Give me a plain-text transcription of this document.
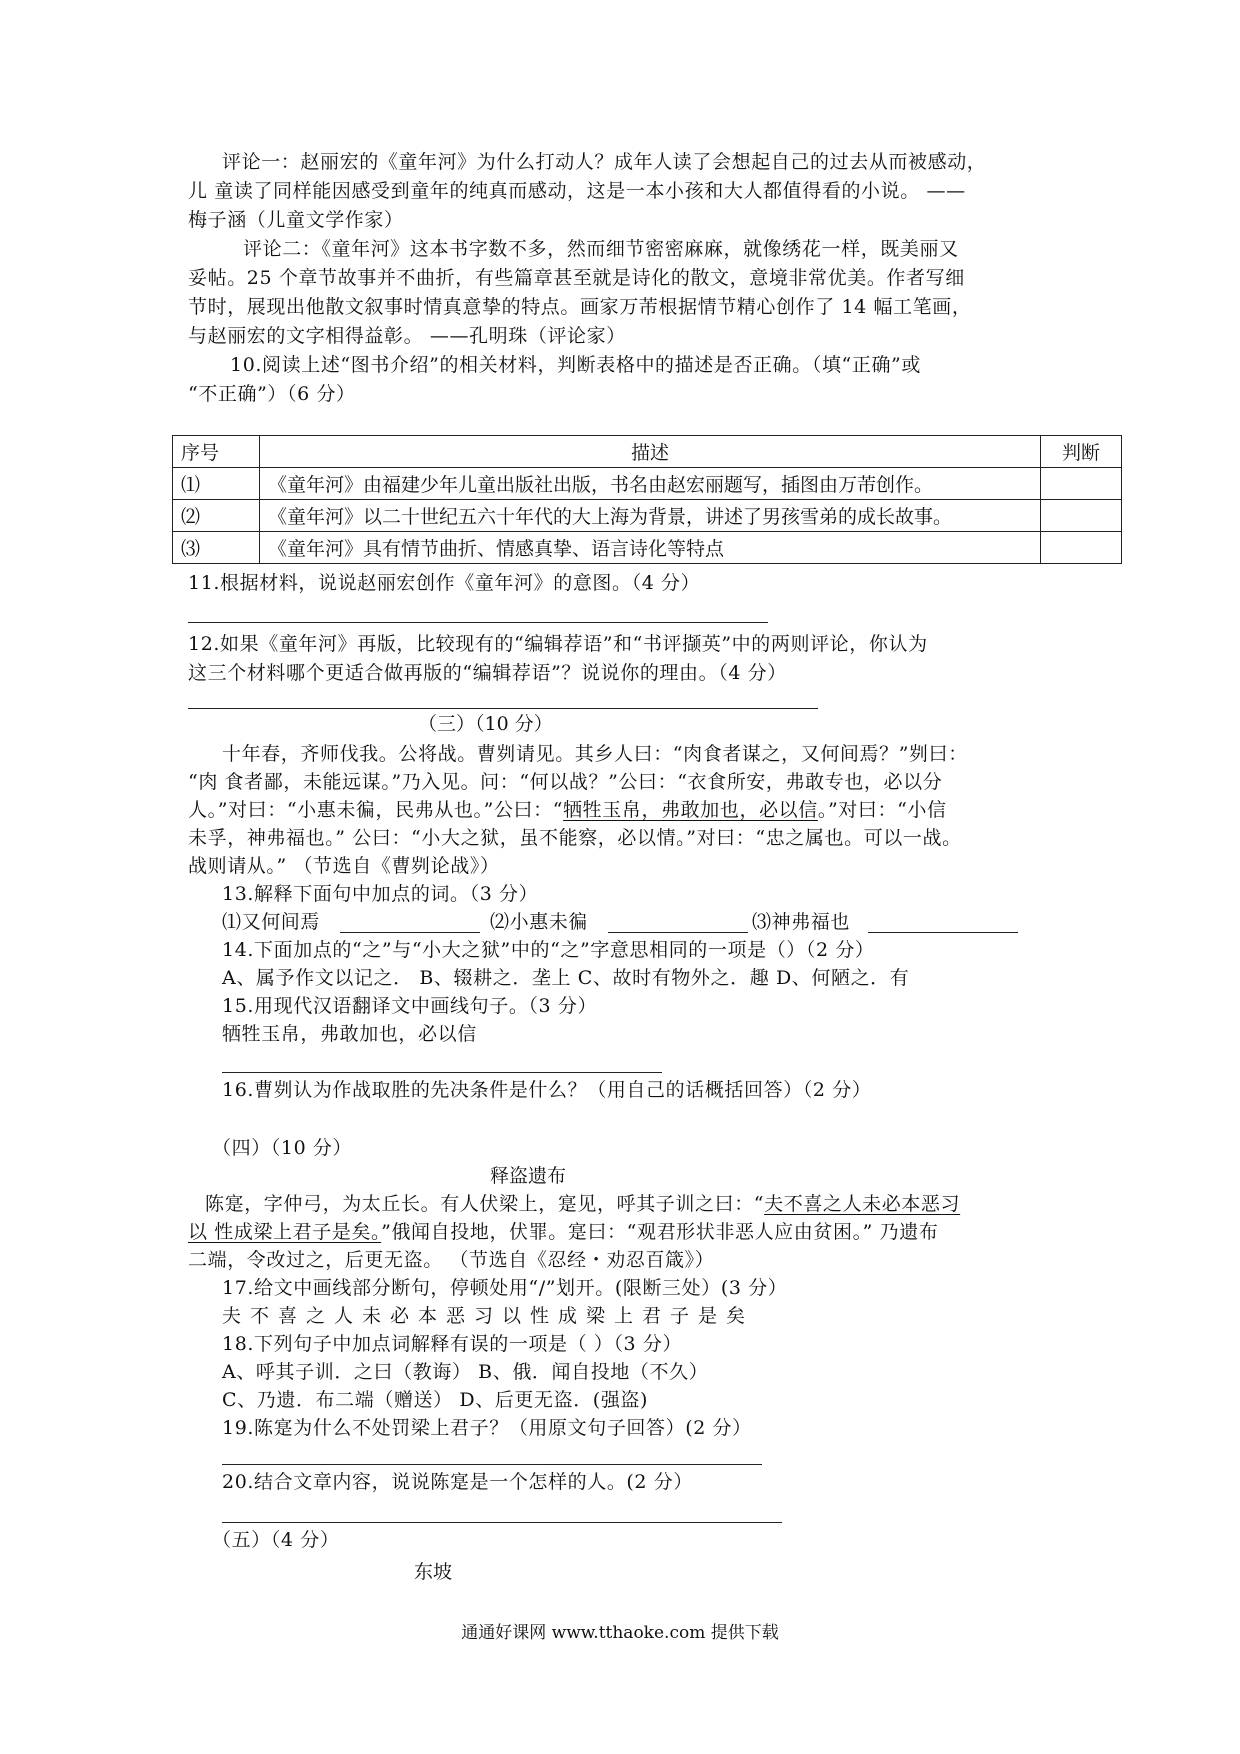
评论一：赵丽宏的《童年河》为什么打动人？成年人读了会想起自己的过去从而被感动，
儿 童读了同样能因感受到童年的纯真而感动，这是一本小孩和大人都值得看的小说。 ——
梅子涵（儿童文学作家）
评论二：《童年河》这本书字数不多，然而细节密密麻麻，就像绣花一样，既美丽又
妥帖。25 个章节故事并不曲折，有些篇章甚至就是诗化的散文，意境非常优美。作者写细
节时，展现出他散文叙事时情真意挚的特点。画家万芾根据情节精心创作了 14 幅工笔画，
与赵丽宏的文字相得益彰。 ——孔明珠（评论家）
10.阅读上述“图书介绍”的相关材料，判断表格中的描述是否正确。（填“正确”或
“不正确”）（6 分）
序号	描述	判断
⑴	《童年河》由福建少年儿童出版社出版，书名由赵宏丽题写，插图由万芾创作。	
⑵	《童年河》以二十世纪五六十年代的大上海为背景，讲述了男孩雪弟的成长故事。	
⑶	《童年河》具有情节曲折、情感真挚、语言诗化等特点	
11.根据材料，说说赵丽宏创作《童年河》的意图。（4 分）
12.如果《童年河》再版，比较现有的“编辑荐语”和“书评撷英”中的两则评论，你认为
这三个材料哪个更适合做再版的“编辑荐语”？说说你的理由。（4 分）
（三）（10 分）
十年春，齐师伐我。公将战。曹刿请见。其乡人曰：“肉食者谋之，又何间焉？”刿曰：
“肉 食者鄙，未能远谋。”乃入见。问：“何以战？”公曰：“衣食所安，弗敢专也，必以分
人。”对曰：“小惠未徧，民弗从也。”公曰：“牺牲玉帛，弗敢加也，必以信。”对曰：“小信
未孚，神弗福也。” 公曰：“小大之狱，虽不能察，必以情。”对曰：“忠之属也。可以一战。
战则请从。” （节选自《曹刿论战》）
13.解释下面句中加点的词。（3 分）
⑴又何间焉	⑵小惠未徧	⑶神弗福也
14.下面加点的“之”与“小大之狱”中的“之”字意思相同的一项是（）（2 分）
A、属予作文以记之． B、辍耕之．垄上 C、故时有物外之．趣 D、何陋之．有
15.用现代汉语翻译文中画线句子。（3 分）
牺牲玉帛，弗敢加也，必以信
16.曹刿认为作战取胜的先决条件是什么？（用自己的话概括回答）（2 分）
（四）（10 分）
释盗遗布
陈寔，字仲弓，为太丘长。有人伏梁上，寔见，呼其子训之曰：“夫不喜之人未必本恶习
以 性成梁上君子是矣。”俄闻自投地，伏罪。寔曰：“观君形状非恶人应由贫困。” 乃遗布
二端，令改过之，后更无盗。 （节选自《忍经・劝忍百箴》）
17.给文中画线部分断句，停顿处用“/”划开。(限断三处）(3 分）
夫不喜之人未必本恶习以性成梁上君子是矣
18.下列句子中加点词解释有误的一项是（ ）（3 分）
A、呼其子训．之曰（教诲） B、俄．闻自投地（不久）
C、乃遗．布二端（赠送） D、后更无盗．(强盗)
19.陈寔为什么不处罚梁上君子？（用原文句子回答）(2 分）
20.结合文章内容，说说陈寔是一个怎样的人。(2 分）
（五）（4 分）
东坡
通通好课网 www.tthaoke.com 提供下载
